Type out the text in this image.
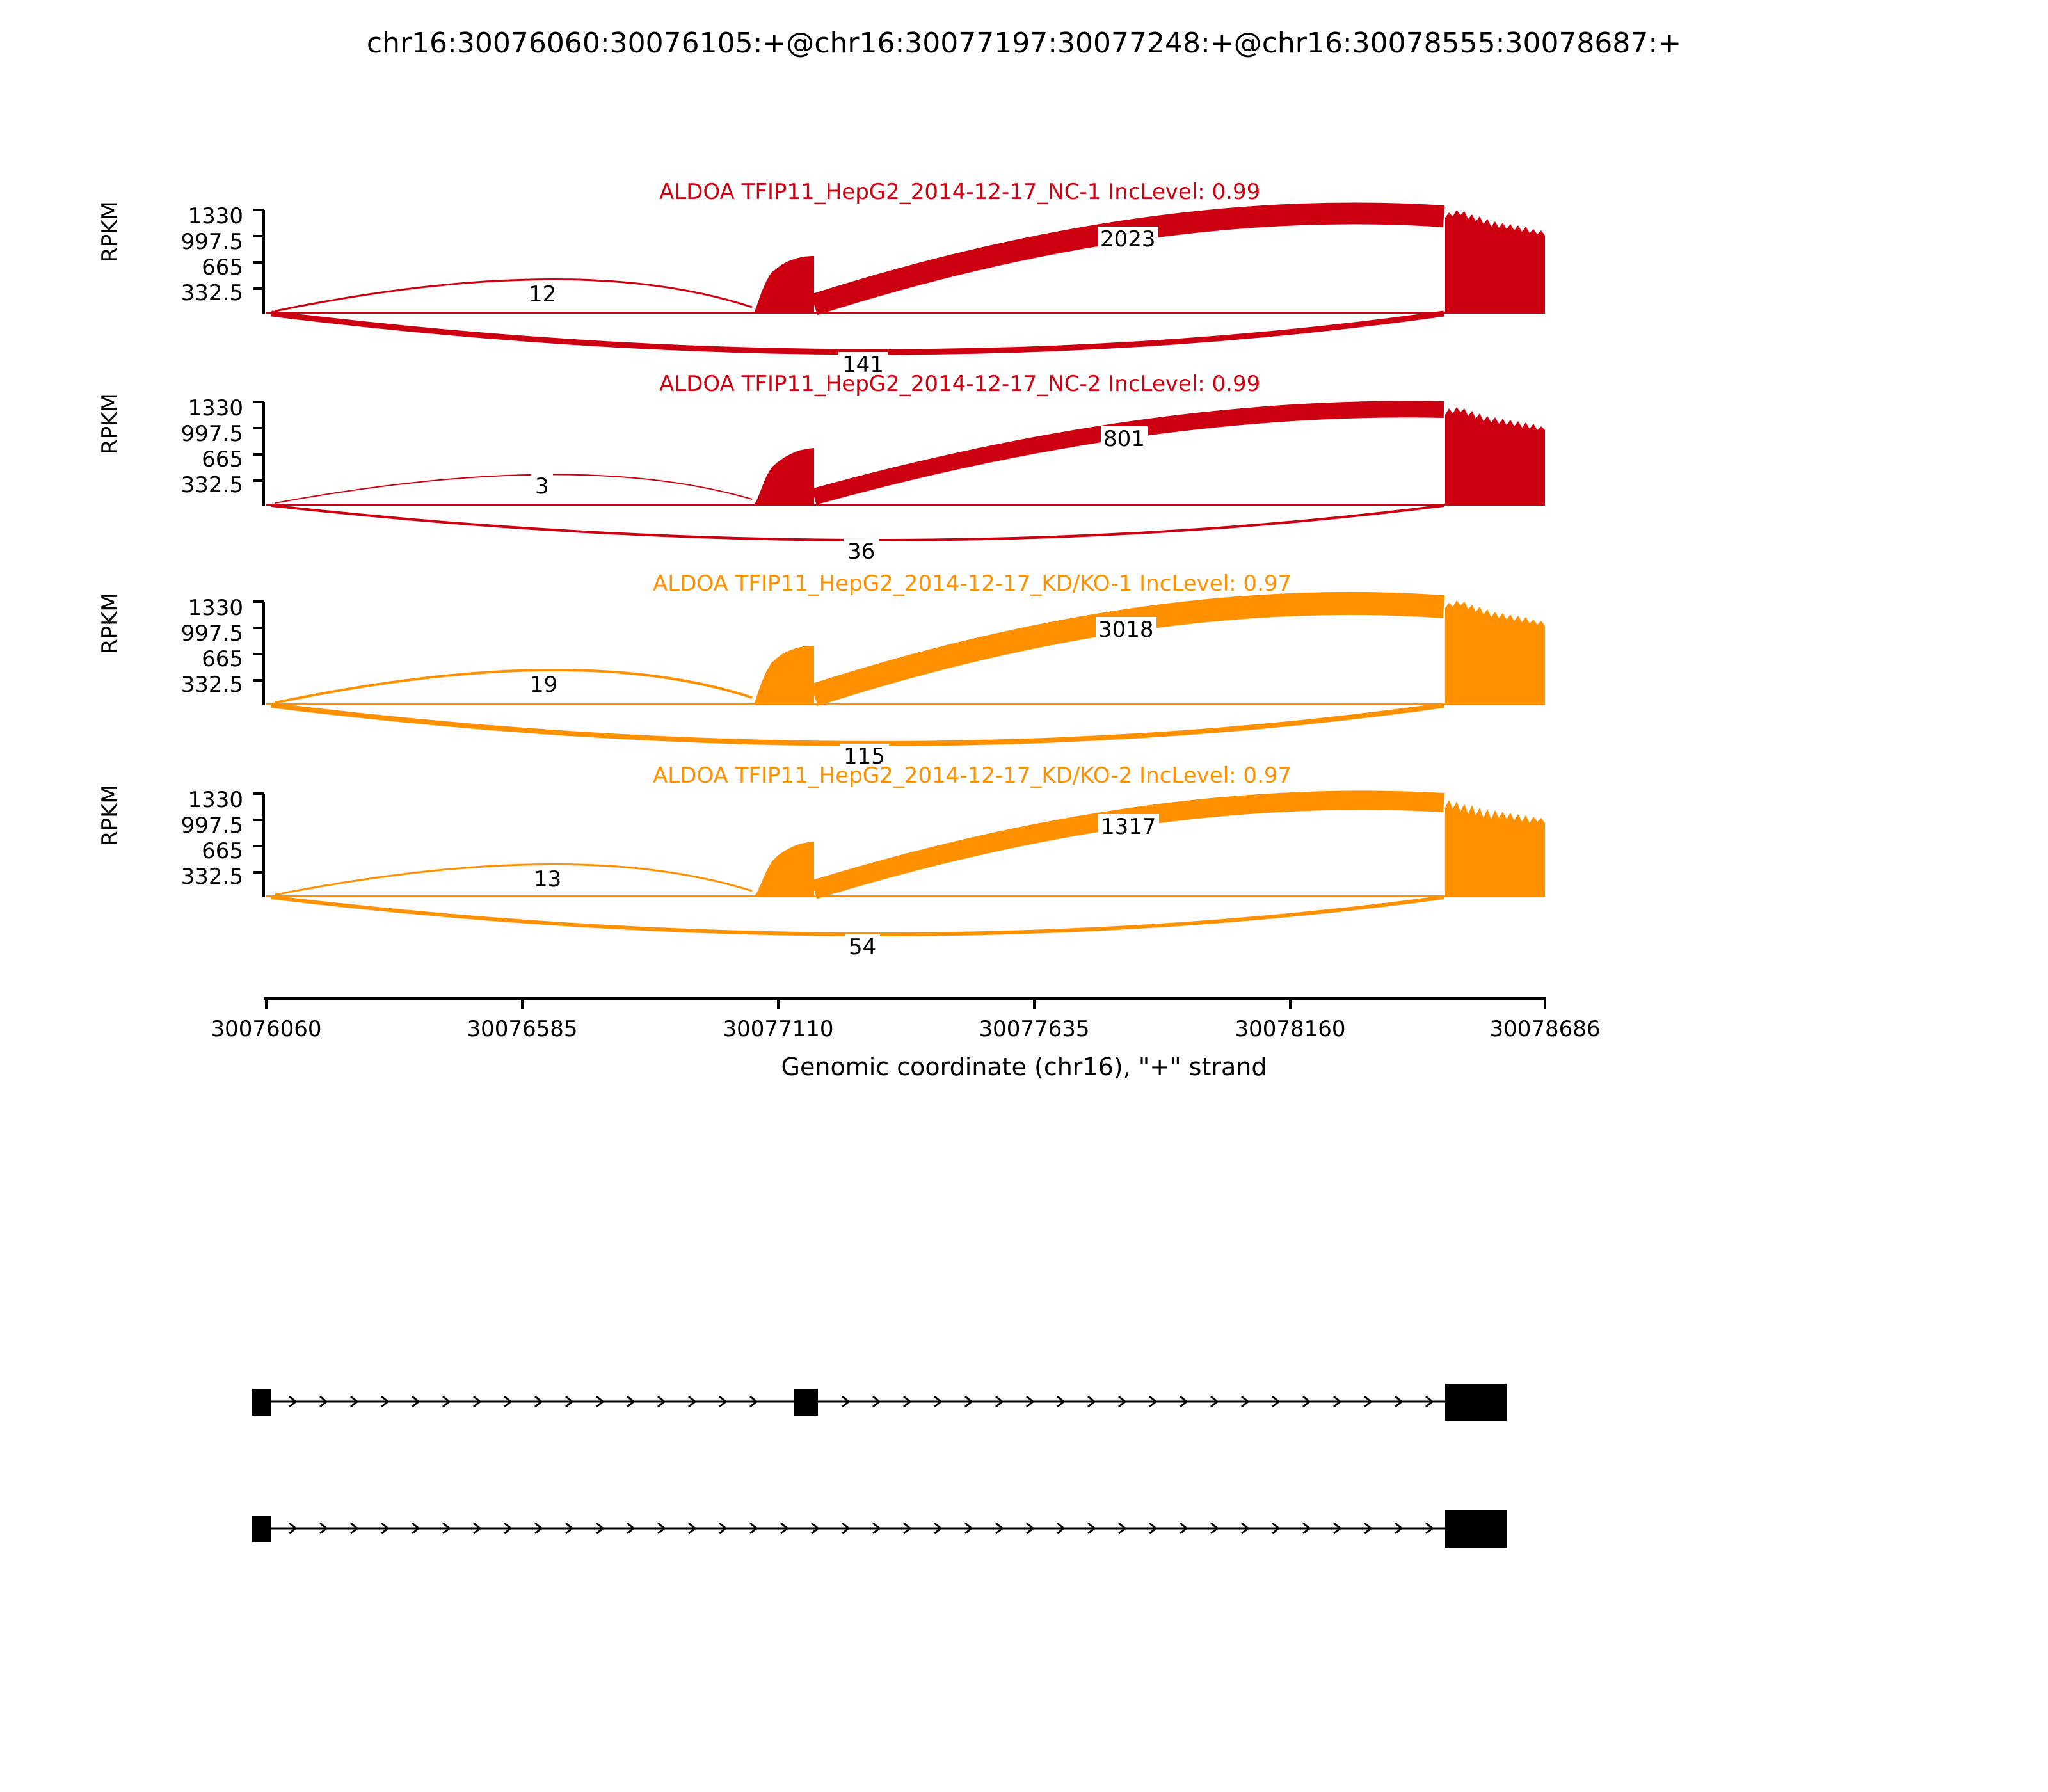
chr16:30076060:30076105:+@chr16:30077197:30077248:+@chr16:30078555:30078687:+
ALDOA TFIP11_HepG2_2014-12-17_NC-1 IncLevel: 0.99
RPKM	1330
997.5
665
332.5	12
2023
141
ALDOA TFIP11_HepG2_2014-12-17_NC-2 IncLevel: 0.99
RPKM	1330
997.5
665
332.5	3
801
36
ALDOA TFIP11_HepG2_2014-12-17_KD/KO-1 IncLevel: 0.97
RPKM	1330
997.5
665
332.5	19
3018
115
ALDOA TFIP11_HepG2_2014-12-17_KD/KO-2 IncLevel: 0.97
RPKM	1330
997.5
665
332.5	13
1317
54
30076060	30076585	30077110	30077635	30078160	30078686
Genomic coordinate (chr16), "+" strand
